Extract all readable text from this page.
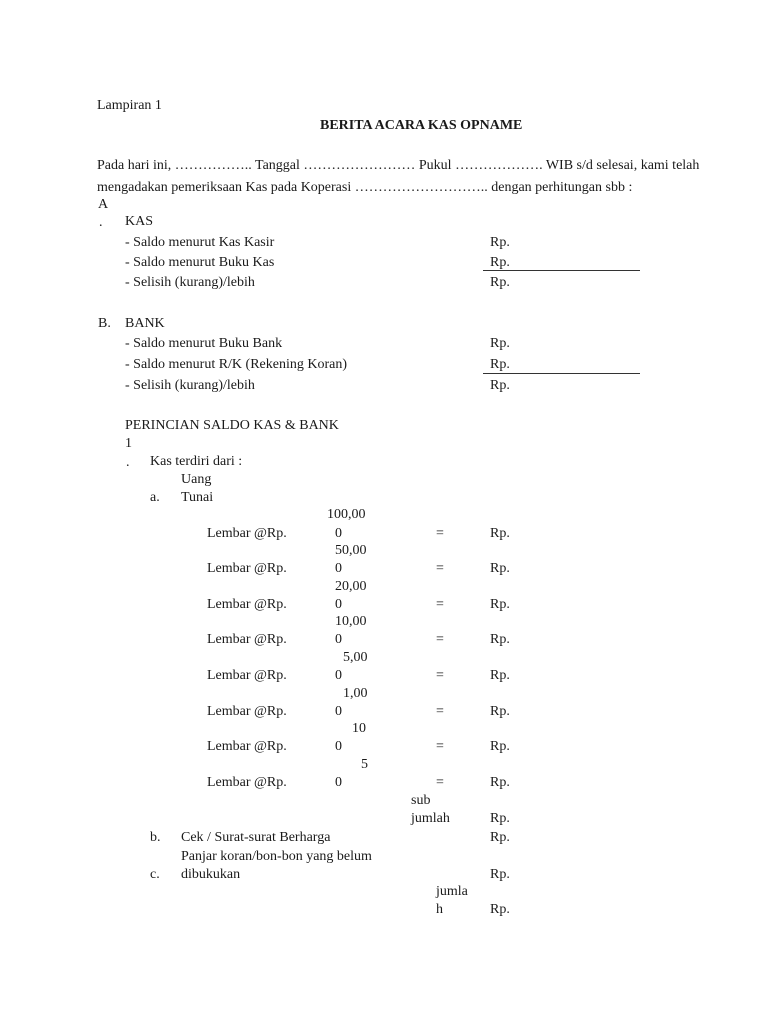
Lampiran 1
BERITA ACARA KAS OPNAME
Pada hari ini, …………….. Tanggal …………………… Pukul ………………. WIB s/d selesai, kami telah
mengadakan pemeriksaan Kas pada Koperasi ……………………….. dengan perhitungan sbb :
A
. KAS
- Saldo menurut Kas Kasir	Rp.
- Saldo menurut Buku Kas	Rp.
- Selisih (kurang)/lebih	Rp.
B. BANK
- Saldo menurut Buku Bank	Rp.
- Saldo menurut R/K (Rekening Koran)	Rp.
- Selisih (kurang)/lebih	Rp.
PERINCIAN SALDO KAS & BANK
1
. Kas terdiri dari :
Uang
a. Tunai
100,00
Lembar @Rp.	0	=	Rp.
50,00
Lembar @Rp.	0	=	Rp.
20,00
Lembar @Rp.	0	=	Rp.
10,00
Lembar @Rp.	0	=	Rp.
5,00
Lembar @Rp.	0	=	Rp.
1,00
Lembar @Rp.	0	=	Rp.
10
Lembar @Rp.	0	=	Rp.
5
Lembar @Rp.	0	=	Rp.
sub
jumlah	Rp.
b. Cek / Surat-surat Berharga	Rp.
Panjar koran/bon-bon yang belum
c. dibukukan	Rp.
jumla
h	Rp.
